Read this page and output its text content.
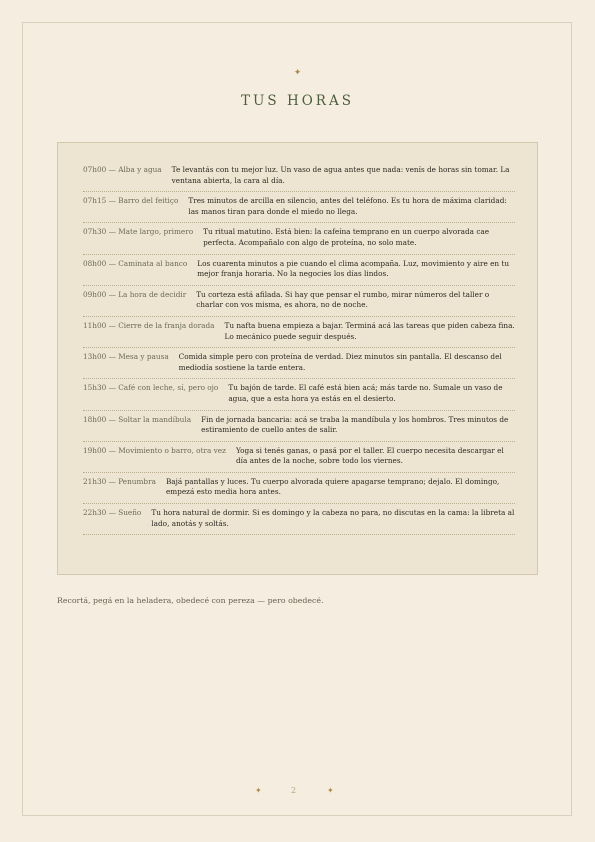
✦
TUS HORAS
07h00 — Alba y agua	Te levantás con tu mejor luz. Un vaso de agua antes que nada: venís de horas sin tomar. La ventana abierta, la cara al día.
07h15 — Barro del feitiço	Tres minutos de arcilla en silencio, antes del teléfono. Es tu hora de máxima claridad: las manos tiran para donde el miedo no llega.
07h30 — Mate largo, primero	Tu ritual matutino. Está bien: la cafeína temprano en un cuerpo alvorada cae perfecta. Acompañalo con algo de proteína, no solo mate.
08h00 — Caminata al banco	Los cuarenta minutos a pie cuando el clima acompaña. Luz, movimiento y aire en tu mejor franja horaria. No la negocies los días lindos.
09h00 — La hora de decidir	Tu corteza está afilada. Si hay que pensar el rumbo, mirar números del taller o charlar con vos misma, es ahora, no de noche.
11h00 — Cierre de la franja dorada	Tu nafta buena empieza a bajar. Terminá acá las tareas que piden cabeza fina. Lo mecánico puede seguir después.
13h00 — Mesa y pausa	Comida simple pero con proteína de verdad. Diez minutos sin pantalla. El descanso del mediodía sostiene la tarde entera.
15h30 — Café con leche, sí, pero ojo	Tu bajón de tarde. El café está bien acá; más tarde no. Sumale un vaso de agua, que a esta hora ya estás en el desierto.
18h00 — Soltar la mandíbula	Fin de jornada bancaria: acá se traba la mandíbula y los hombros. Tres minutos de estiramiento de cuello antes de salir.
19h00 — Movimiento o barro, otra vez	Yoga si tenés ganas, o pasá por el taller. El cuerpo necesita descargar el día antes de la noche, sobre todo los viernes.
21h30 — Penumbra	Bajá pantallas y luces. Tu cuerpo alvorada quiere apagarse temprano; dejalo. El domingo, empezá esto media hora antes.
22h30 — Sueño	Tu hora natural de dormir. Si es domingo y la cabeza no para, no discutas en la cama: la libreta al lado, anotás y soltás.
Recortá, pegá en la heladera, obedecé con pereza — pero obedecé.
✦	2	✦
